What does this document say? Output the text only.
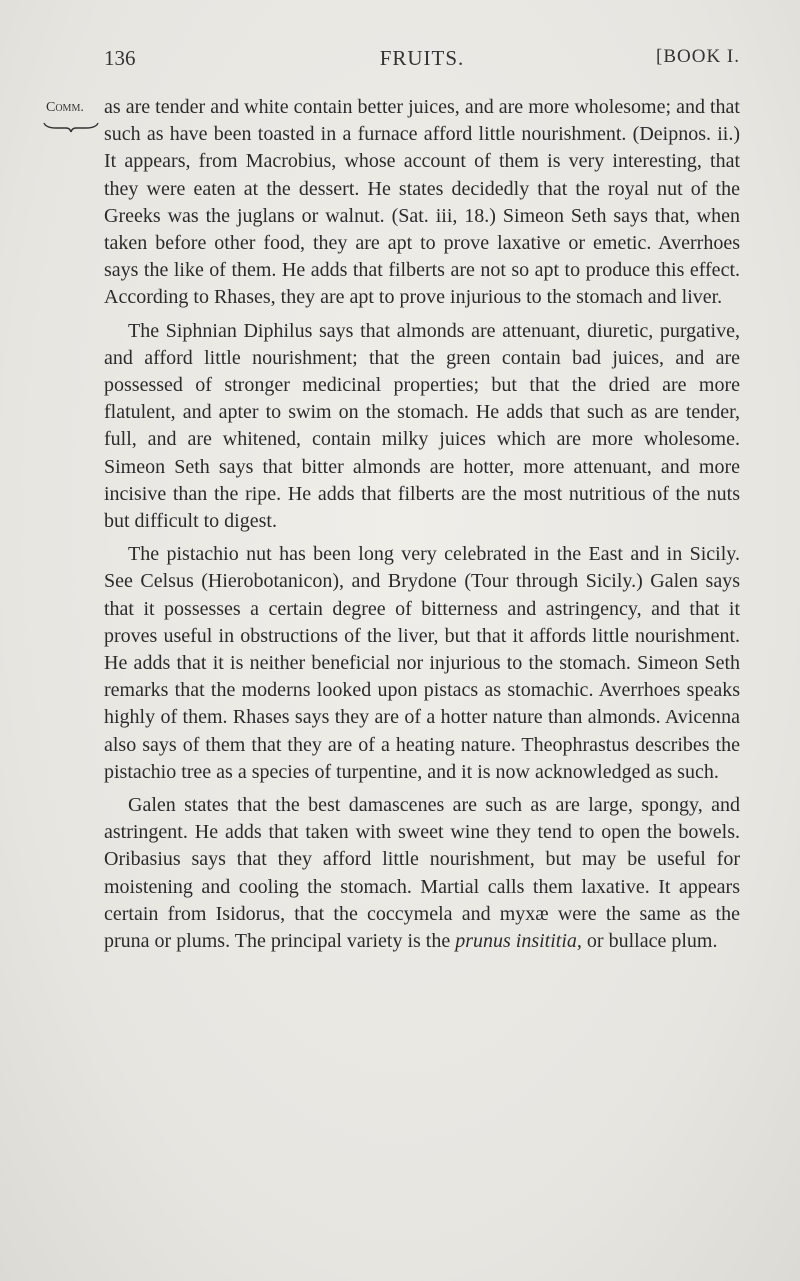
136	FRUITS.	[BOOK I.
Comm. as are tender and white contain better juices, and are more wholesome; and that such as have been toasted in a furnace afford little nourishment. (Deipnos. ii.) It appears, from Macrobius, whose account of them is very interesting, that they were eaten at the dessert. He states decidedly that the royal nut of the Greeks was the juglans or walnut. (Sat. iii, 18.) Simeon Seth says that, when taken before other food, they are apt to prove laxative or emetic. Averrhoes says the like of them. He adds that filberts are not so apt to produce this effect. According to Rhases, they are apt to prove injurious to the stomach and liver.

The Siphnian Diphilus says that almonds are attenuant, diuretic, purgative, and afford little nourishment; that the green contain bad juices, and are possessed of stronger medicinal properties; but that the dried are more flatulent, and apter to swim on the stomach. He adds that such as are tender, full, and are whitened, contain milky juices which are more wholesome. Simeon Seth says that bitter almonds are hotter, more attenuant, and more incisive than the ripe. He adds that filberts are the most nutritious of the nuts but difficult to digest.

The pistachio nut has been long very celebrated in the East and in Sicily. See Celsus (Hierobotanicon), and Brydone (Tour through Sicily.) Galen says that it possesses a certain degree of bitterness and astringency, and that it proves useful in obstructions of the liver, but that it affords little nourishment. He adds that it is neither beneficial nor injurious to the stomach. Simeon Seth remarks that the moderns looked upon pistacs as stomachic. Averrhoes speaks highly of them. Rhases says they are of a hotter nature than almonds. Avicenna also says of them that they are of a heating nature. Theophrastus describes the pistachio tree as a species of turpentine, and it is now acknowledged as such.

Galen states that the best damascenes are such as are large, spongy, and astringent. He adds that taken with sweet wine they tend to open the bowels. Oribasius says that they afford little nourishment, but may be useful for moistening and cooling the stomach. Martial calls them laxative. It appears certain from Isidorus, that the coccymela and myxæ were the same as the pruna or plums. The principal variety is the prunus insititia, or bullace plum.
